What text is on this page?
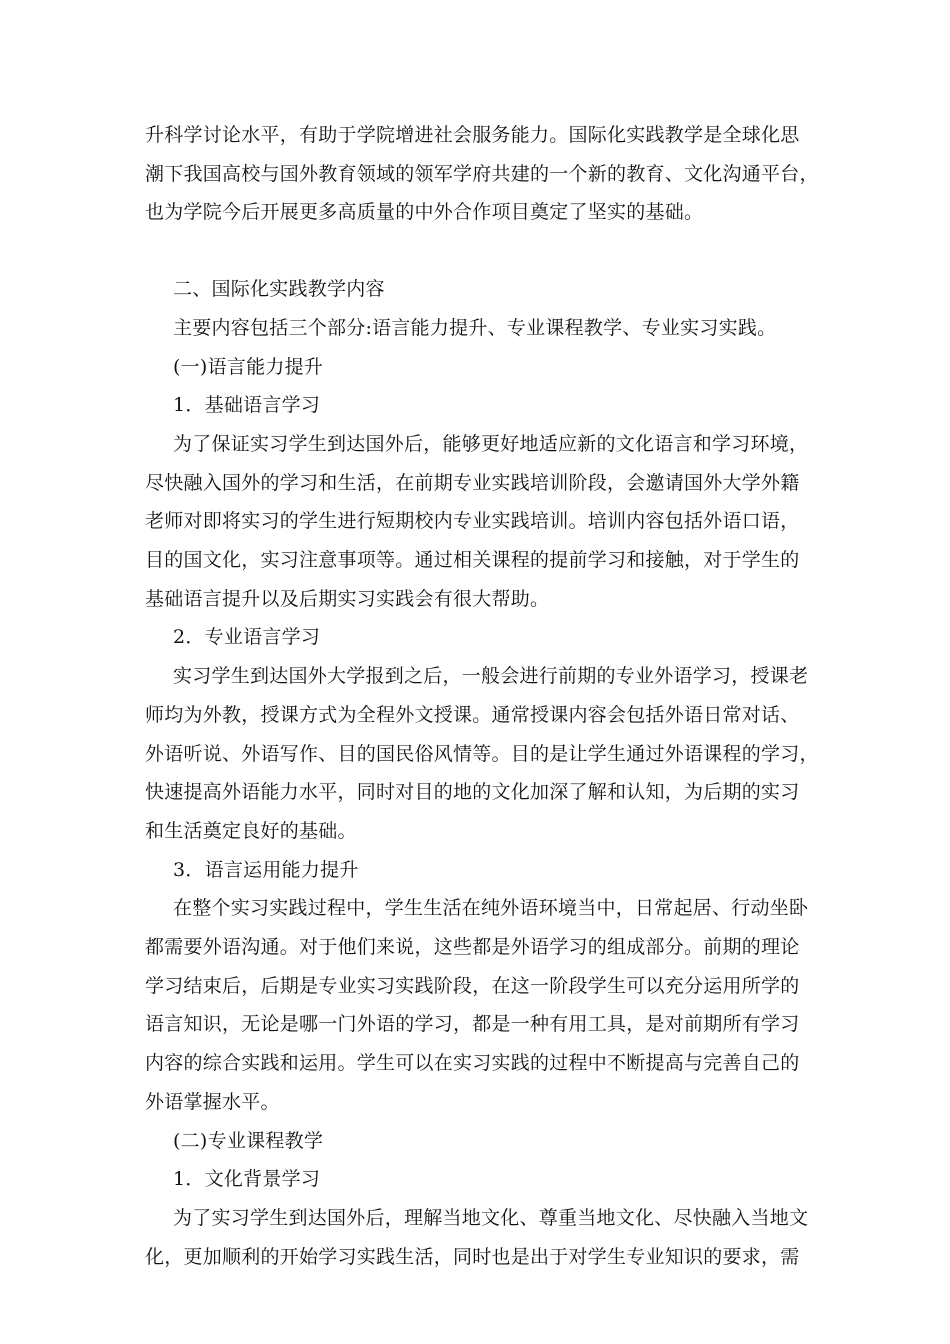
升科学讨论水平，有助于学院增进社会服务能力。国际化实践教学是全球化思
潮下我国高校与国外教育领域的领军学府共建的一个新的教育、文化沟通平台，
也为学院今后开展更多高质量的中外合作项目奠定了坚实的基础。
二、国际化实践教学内容
主要内容包括三个部分:语言能力提升、专业课程教学、专业实习实践。
(一)语言能力提升
1．基础语言学习
为了保证实习学生到达国外后，能够更好地适应新的文化语言和学习环境，
尽快融入国外的学习和生活，在前期专业实践培训阶段，会邀请国外大学外籍
老师对即将实习的学生进行短期校内专业实践培训。培训内容包括外语口语，
目的国文化，实习注意事项等。通过相关课程的提前学习和接触，对于学生的
基础语言提升以及后期实习实践会有很大帮助。
2．专业语言学习
实习学生到达国外大学报到之后，一般会进行前期的专业外语学习，授课老
师均为外教，授课方式为全程外文授课。通常授课内容会包括外语日常对话、
外语听说、外语写作、目的国民俗风情等。目的是让学生通过外语课程的学习，
快速提高外语能力水平，同时对目的地的文化加深了解和认知，为后期的实习
和生活奠定良好的基础。
3．语言运用能力提升
在整个实习实践过程中，学生生活在纯外语环境当中，日常起居、行动坐卧
都需要外语沟通。对于他们来说，这些都是外语学习的组成部分。前期的理论
学习结束后，后期是专业实习实践阶段，在这一阶段学生可以充分运用所学的
语言知识，无论是哪一门外语的学习，都是一种有用工具，是对前期所有学习
内容的综合实践和运用。学生可以在实习实践的过程中不断提高与完善自己的
外语掌握水平。
(二)专业课程教学
1．文化背景学习
为了实习学生到达国外后，理解当地文化、尊重当地文化、尽快融入当地文
化，更加顺利的开始学习实践生活，同时也是出于对学生专业知识的要求，需
